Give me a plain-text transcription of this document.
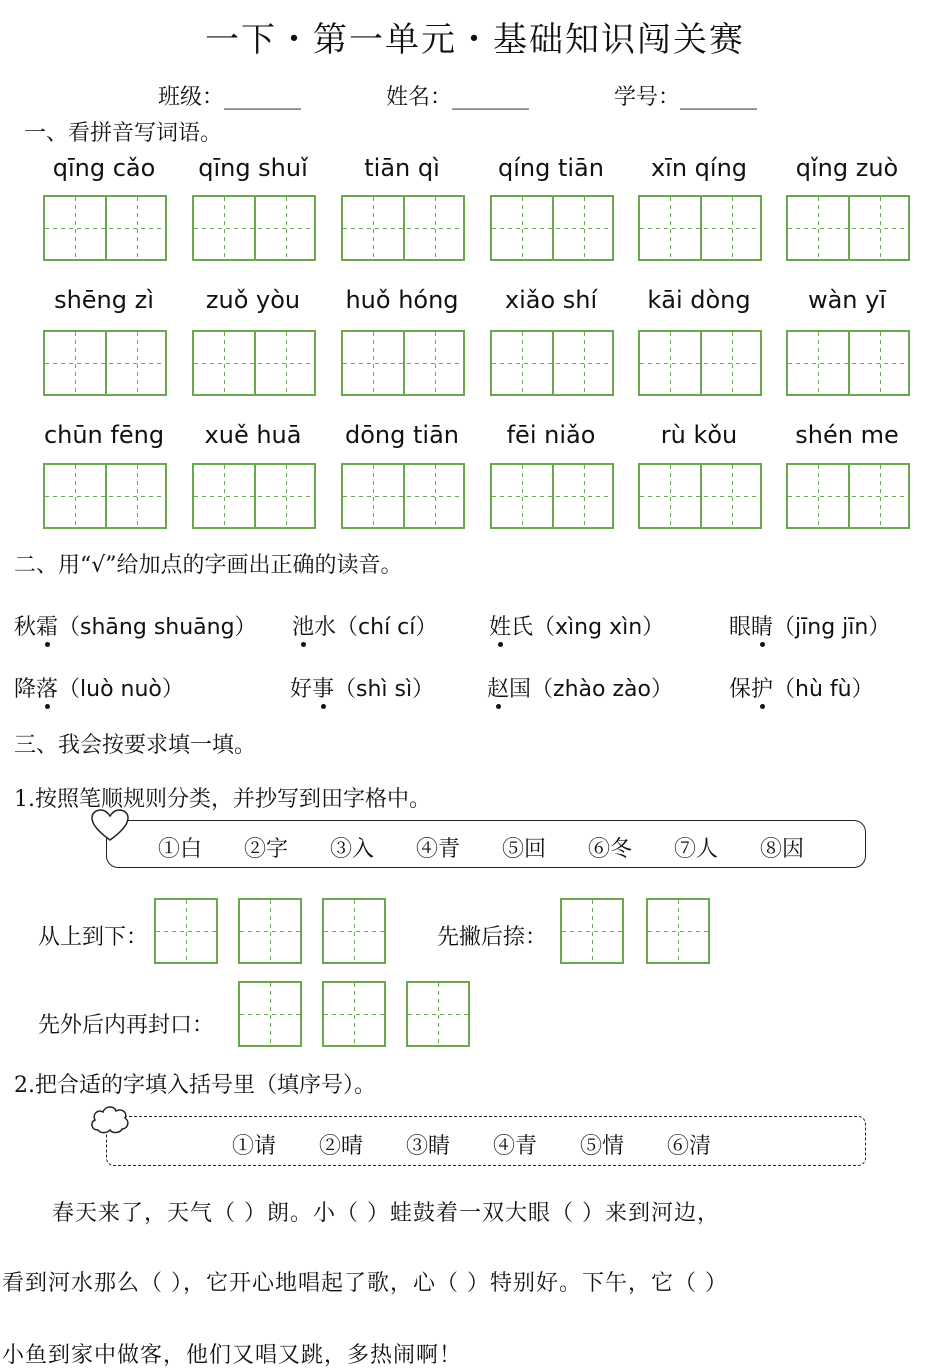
一下・第一单元・基础知识闯关赛
班级：_______	姓名：_______	学号：_______
一、看拼音写词语。
qīng cǎo	qīng shuǐ	tiān qì	qíng tiān	xīn qíng	qǐng zuò
shēng zì	zuǒ yòu	huǒ hóng	xiǎo shí	kāi dòng	wàn yī
chūn fēng	xuě huā	dōng tiān	fēi niǎo	rù kǒu	shén me
二、用“√”给加点的字画出正确的读音。
秋霜（shāng shuāng） 池水（chí cí） 姓氏（xìng xìn）	眼睛（jīng jīn）
降落（luò nuò）	好事（shì sì） 赵国（zhào zào）	保护（hù fù）
三、我会按要求填一填。
1.按照笔顺规则分类，并抄写到田字格中。
①白 ②字 ③入 ④青 ⑤回 ⑥冬 ⑦人 ⑧因
从上到下：	先撇后捺：
先外后内再封口：
2.把合适的字填入括号里（填序号）。
①请 ②晴 ③睛 ④青 ⑤情 ⑥清
春天来了，天气（ ）朗。小（ ）蛙鼓着一双大眼（ ）来到河边，
看到河水那么（ ），它开心地唱起了歌，心（ ）特别好。下午，它（ ）
小鱼到家中做客，他们又唱又跳，多热闹啊！
